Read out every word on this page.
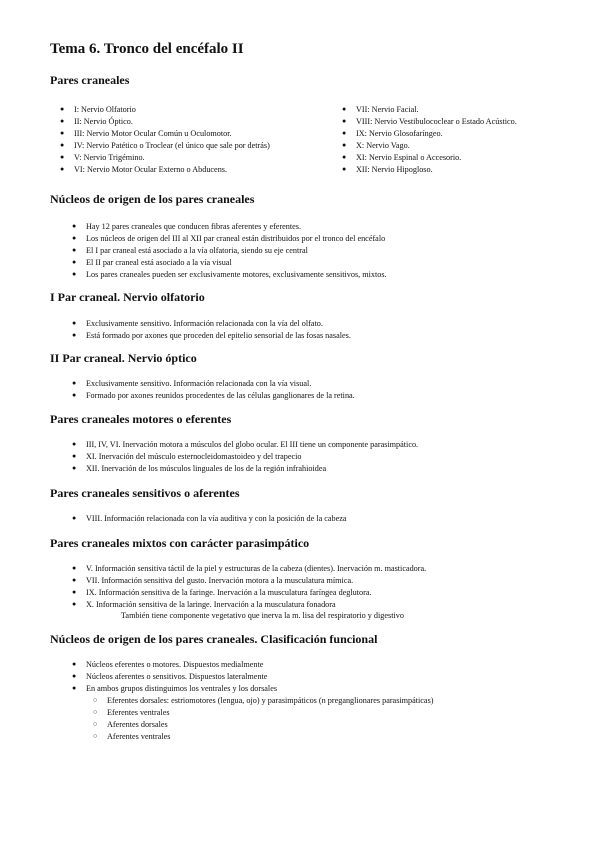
Tema 6. Tronco del encéfalo II
Pares craneales
● I: Nervio Olfatorio
● II: Nervio Óptico.
● III: Nervio Motor Ocular Común u Oculomotor.
● IV: Nervio Patético o Troclear (el único que sale por detrás)
● V: Nervio Trigémino.
● VI: Nervio Motor Ocular Externo o Abducens.
● VII: Nervio Facial.
● VIII: Nervio Vestibulococlear o Estado Acústico.
● IX: Nervio Glosofaríngeo.
● X: Nervio Vago.
● XI: Nervio Espinal o Accesorio.
● XII: Nervio Hipogloso.
Núcleos de origen de los pares craneales
● Hay 12 pares craneales que conducen fibras aferentes y eferentes.
● Los núcleos de origen del III al XII par craneal están distribuidos por el tronco del encéfalo
● El I par craneal está asociado a la vía olfatoria, siendo su eje central
● El II par craneal está asociado a la vía visual
● Los pares craneales pueden ser exclusivamente motores, exclusivamente sensitivos, mixtos.
I Par craneal. Nervio olfatorio
● Exclusivamente sensitivo. Información relacionada con la vía del olfato.
● Está formado por axones que proceden del epitelio sensorial de las fosas nasales.
II Par craneal. Nervio óptico
● Exclusivamente sensitivo. Información relacionada con la vía visual.
● Formado por axones reunidos procedentes de las células ganglionares de la retina.
Pares craneales motores o eferentes
● III, IV, VI. Inervación motora a músculos del globo ocular. El III tiene un componente parasimpático.
● XI. Inervación del músculo esternocleidomastoideo y del trapecio
● XII. Inervación de los músculos linguales de los de la región infrahioidea
Pares craneales sensitivos o aferentes
● VIII. Información relacionada con la vía auditiva y con la posición de la cabeza
Pares craneales mixtos con carácter parasimpático
● V. Información sensitiva táctil de la piel y estructuras de la cabeza (dientes). Inervación m. masticadora.
● VII. Información sensitiva del gusto. Inervación motora a la musculatura mímica.
● IX. Información sensitiva de la faringe. Inervación a la musculatura faríngea deglutora.
● X. Información sensitiva de la laringe. Inervación a la musculatura fonadora
También tiene componente vegetativo que inerva la m. lisa del respiratorio y digestivo
Núcleos de origen de los pares craneales. Clasificación funcional
● Núcleos eferentes o motores. Dispuestos medialmente
● Núcleos aferentes o sensitivos. Dispuestos lateralmente
● En ambos grupos distinguimos los ventrales y los dorsales
○ Eferentes dorsales: estriomotores (lengua, ojo) y parasimpáticos (n preganglionares parasimpáticas)
○ Eferentes ventrales
○ Aferentes dorsales
○ Aferentes ventrales
